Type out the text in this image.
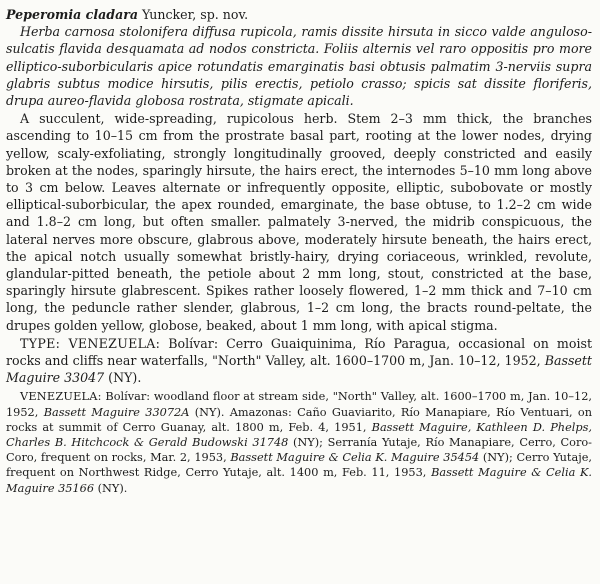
Peperomia cladara Yuncker, sp. nov.
Herba carnosa stolonifera diffusa rupicola, ramis dissite hirsuta in sicco valde anguloso-sulcatis flavida desquamata ad nodos constricta. Foliis alternis vel raro oppositis pro more elliptico-suborbicularis apice rotundatis emarginatis basi obtusis palmatim 3-nerviis supra glabris subtus modice hirsutis, pilis erectis, petiolo crasso; spicis sat dissite floriferis, drupa aureo-flavida globosa rostrata, stigmate apicali.

A succulent, wide-spreading, rupicolous herb. Stem 2–3 mm thick, the branches ascending to 10–15 cm from the prostrate basal part, rooting at the lower nodes, drying yellow, scaly-exfoliating, strongly longitudinally grooved, deeply constricted and easily broken at the nodes, sparingly hirsute, the hairs erect, the internodes 5–10 mm long above to 3 cm below. Leaves alternate or infrequently opposite, elliptic, subobovate or mostly elliptical-suborbicular, the apex rounded, emarginate, the base obtuse, to 1.2–2 cm wide and 1.8–2 cm long, but often smaller. palmately 3-nerved, the midrib conspicuous, the lateral nerves more obscure, glabrous above, moderately hirsute beneath, the hairs erect, the apical notch usually somewhat bristly-hairy, drying coriaceous, wrinkled, revolute, glandular-pitted beneath, the petiole about 2 mm long, stout, constricted at the base, sparingly hirsute glabrescent. Spikes rather loosely flowered, 1–2 mm thick and 7–10 cm long, the peduncle rather slender, glabrous, 1–2 cm long, the bracts round-peltate, the drupes golden yellow, globose, beaked, about 1 mm long, with apical stigma.

TYPE: VENEZUELA: Bolívar: Cerro Guaiquinima, Río Paragua, occasional on moist rocks and cliffs near waterfalls, "North" Valley, alt. 1600–1700 m, Jan. 10–12, 1952, Bassett Maguire 33047 (NY).

VENEZUELA: Bolívar: woodland floor at stream side, "North" Valley, alt. 1600–1700 m, Jan. 10–12, 1952, Bassett Maguire 33072A (NY). Amazonas: Caño Guaviarito, Río Manapiare, Río Ventuari, on rocks at summit of Cerro Guanay, alt. 1800 m, Feb. 4, 1951, Bassett Maguire, Kathleen D. Phelps, Charles B. Hitchcock & Gerald Budowski 31748 (NY); Serranía Yutaje, Río Manapiare, Cerro, Coro-Coro, frequent on rocks, Mar. 2, 1953, Bassett Maguire & Celia K. Maguire 35454 (NY); Cerro Yutaje, frequent on Northwest Ridge, Cerro Yutaje, alt. 1400 m, Feb. 11, 1953, Bassett Maguire & Celia K. Maguire 35166 (NY).
